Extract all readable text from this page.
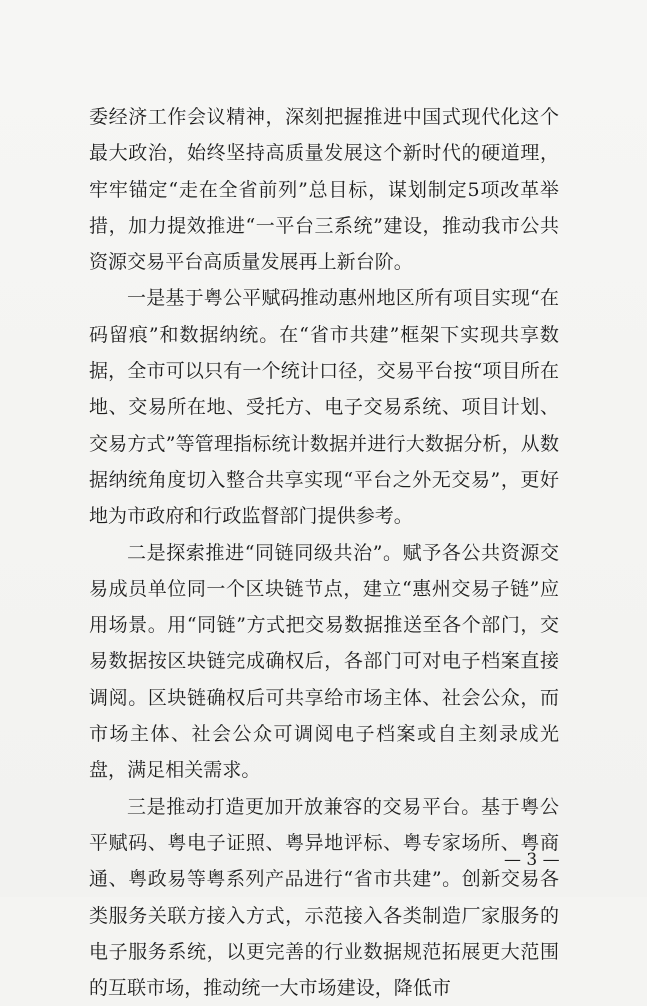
委经济工作会议精神，深刻把握推进中国式现代化这个最大政治，始终坚持高质量发展这个新时代的硬道理，牢牢锚定“走在全省前列”总目标，谋划制定5项改革举措，加力提效推进“一平台三系统”建设，推动我市公共资源交易平台高质量发展再上新台阶。

一是基于粤公平赋码推动惠州地区所有项目实现“在码留痕”和数据纳统。在“省市共建”框架下实现共享数据，全市可以只有一个统计口径，交易平台按“项目所在地、交易所在地、受托方、电子交易系统、项目计划、交易方式”等管理指标统计数据并进行大数据分析，从数据纳统角度切入整合共享实现“平台之外无交易”，更好地为市政府和行政监督部门提供参考。

二是探索推进“同链同级共治”。赋予各公共资源交易成员单位同一个区块链节点，建立“惠州交易子链”应用场景。用“同链”方式把交易数据推送至各个部门，交易数据按区块链完成确权后，各部门可对电子档案直接调阅。区块链确权后可共享给市场主体、社会公众，而市场主体、社会公众可调阅电子档案或自主刻录成光盘，满足相关需求。

三是推动打造更加开放兼容的交易平台。基于粤公平赋码、粤电子证照、粤异地评标、粤专家场所、粤商通、粤政易等粤系列产品进行“省市共建”。创新交易各类服务关联方接入方式，示范接入各类制造厂家服务的电子服务系统，以更完善的行业数据规范拓展更大范围的互联市场，推动统一大市场建设，降低市

— 3 —
